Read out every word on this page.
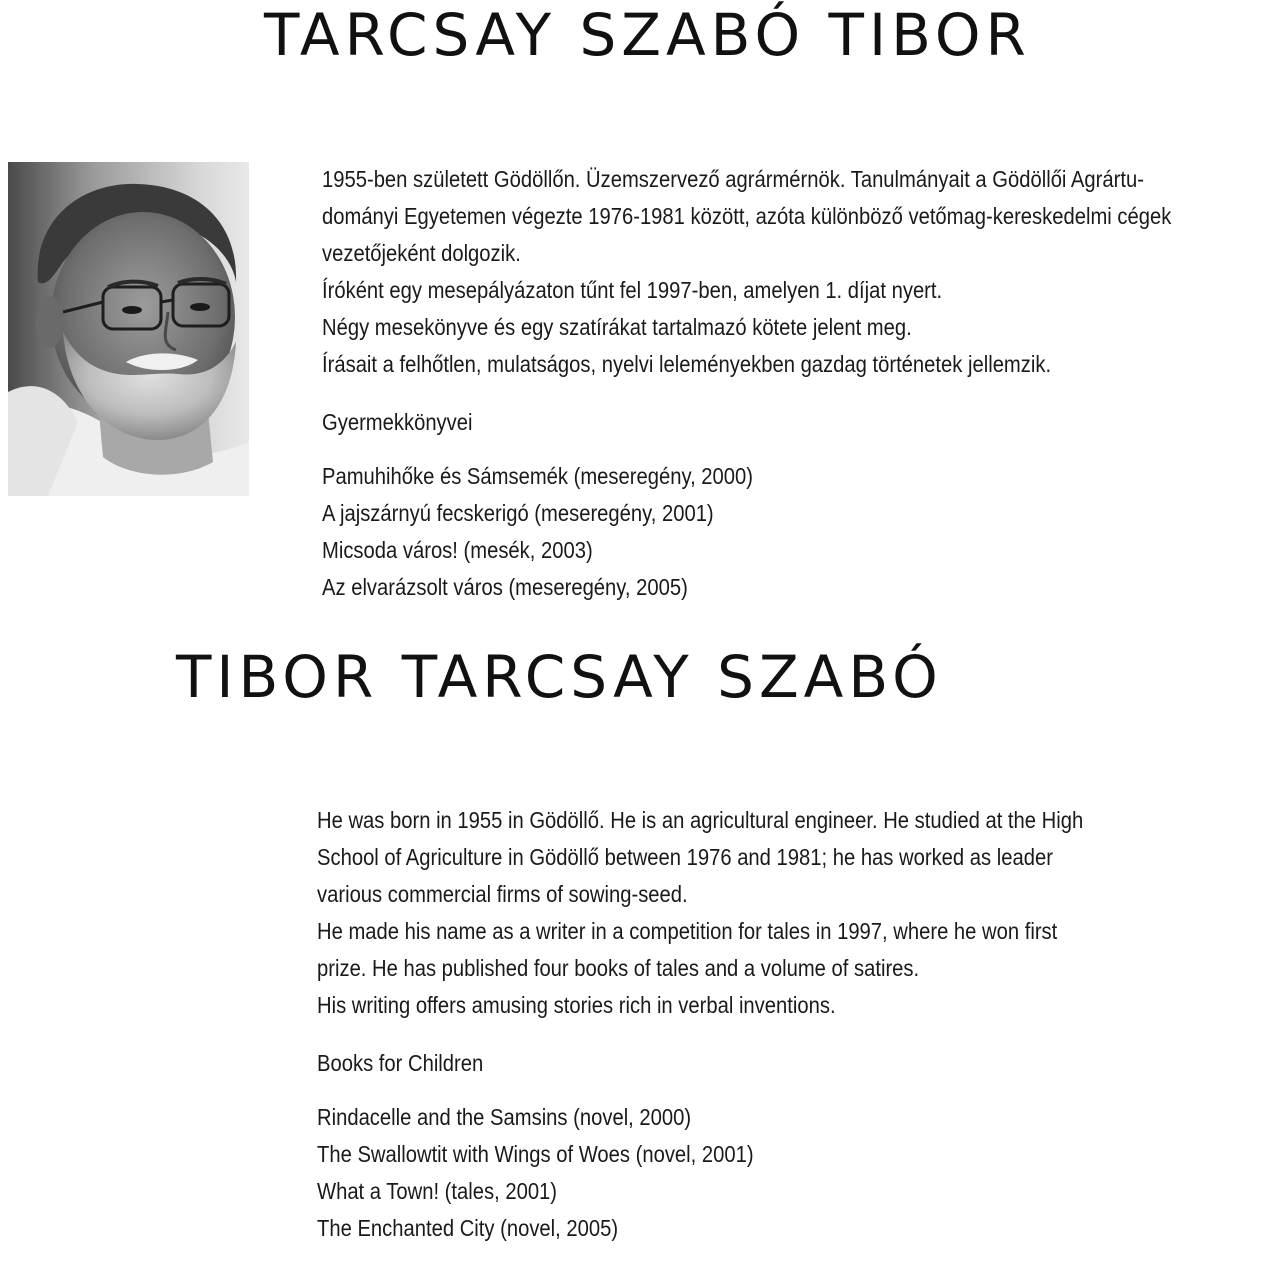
TARCSAY SZABÓ TIBOR
1955-ben született Gödöllőn. Üzemszervező agrármérnök. Tanulmányait a Gödöllői Agrártu-
dományi Egyetemen végezte 1976-1981 között, azóta különböző vetőmag-kereskedelmi cégek
vezetőjeként dolgozik.
Íróként egy mesepályázaton tűnt fel 1997-ben, amelyen 1. díjat nyert.
Négy mesekönyve és egy szatírákat tartalmazó kötete jelent meg.
Írásait a felhőtlen, mulatságos, nyelvi leleményekben gazdag történetek jellemzik.
Gyermekkönyvei
Pamuhihőke és Sámsemék (meseregény, 2000)
A jajszárnyú fecskerigó (meseregény, 2001)
Micsoda város! (mesék, 2003)
Az elvarázsolt város (meseregény, 2005)
TIBOR TARCSAY SZABÓ
He was born in 1955 in Gödöllő. He is an agricultural engineer. He studied at the High
School of Agriculture in Gödöllő between 1976 and 1981; he has worked as leader
various commercial firms of sowing-seed.
He made his name as a writer in a competition for tales in 1997, where he won first
prize. He has published four books of tales and a volume of satires.
His writing offers amusing stories rich in verbal inventions.
Books for Children
Rindacelle and the Samsins (novel, 2000)
The Swallowtit with Wings of Woes (novel, 2001)
What a Town! (tales, 2001)
The Enchanted City (novel, 2005)
